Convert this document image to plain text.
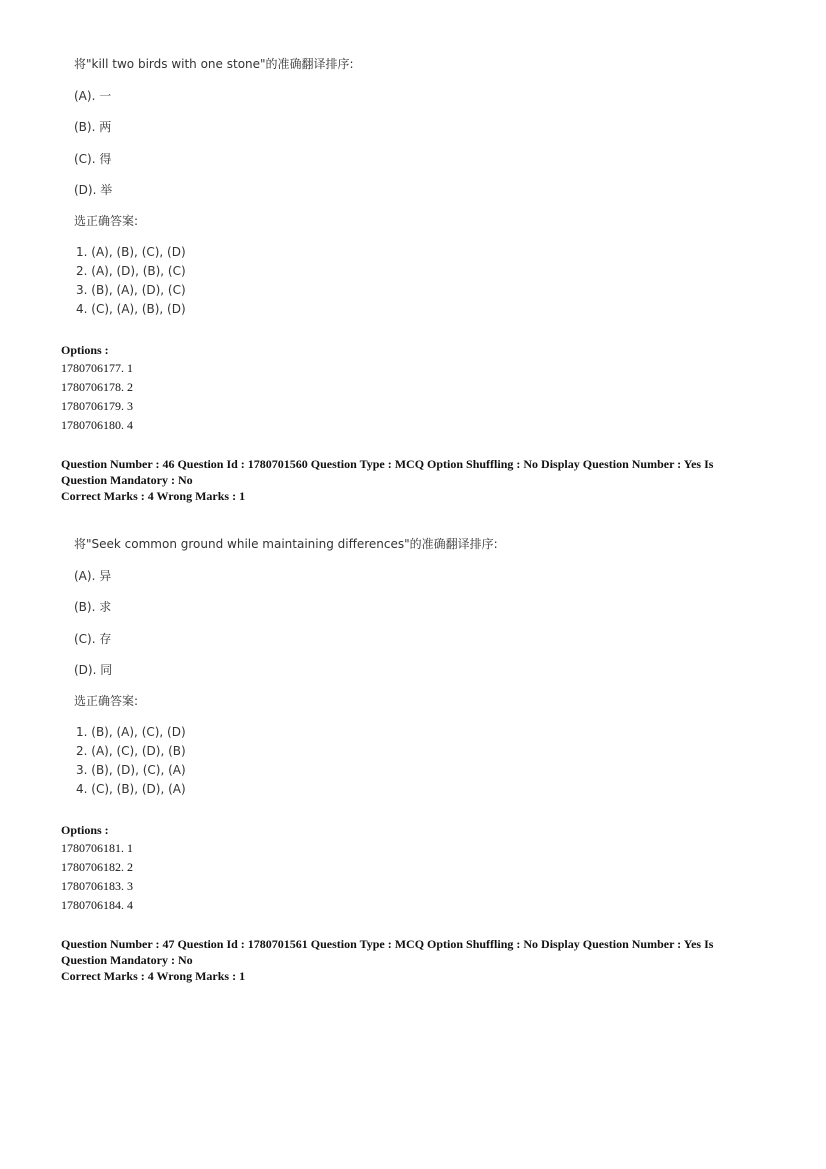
将"kill two birds with one stone"的准确翻译排序:
(A). 一
(B). 两
(C). 得
(D). 举
选正确答案:
1. (A), (B), (C), (D)
2. (A), (D), (B), (C)
3. (B), (A), (D), (C)
4. (C), (A), (B), (D)
Options :
1780706177. 1
1780706178. 2
1780706179. 3
1780706180. 4
Question Number : 46 Question Id : 1780701560 Question Type : MCQ Option Shuffling : No Display Question Number : Yes Is
Question Mandatory : No
Correct Marks : 4 Wrong Marks : 1
将"Seek common ground while maintaining differences"的准确翻译排序:
(A). 异
(B). 求
(C). 存
(D). 同
选正确答案:
1. (B), (A), (C), (D)
2. (A), (C), (D), (B)
3. (B), (D), (C), (A)
4. (C), (B), (D), (A)
Options :
1780706181. 1
1780706182. 2
1780706183. 3
1780706184. 4
Question Number : 47 Question Id : 1780701561 Question Type : MCQ Option Shuffling : No Display Question Number : Yes Is
Question Mandatory : No
Correct Marks : 4 Wrong Marks : 1
